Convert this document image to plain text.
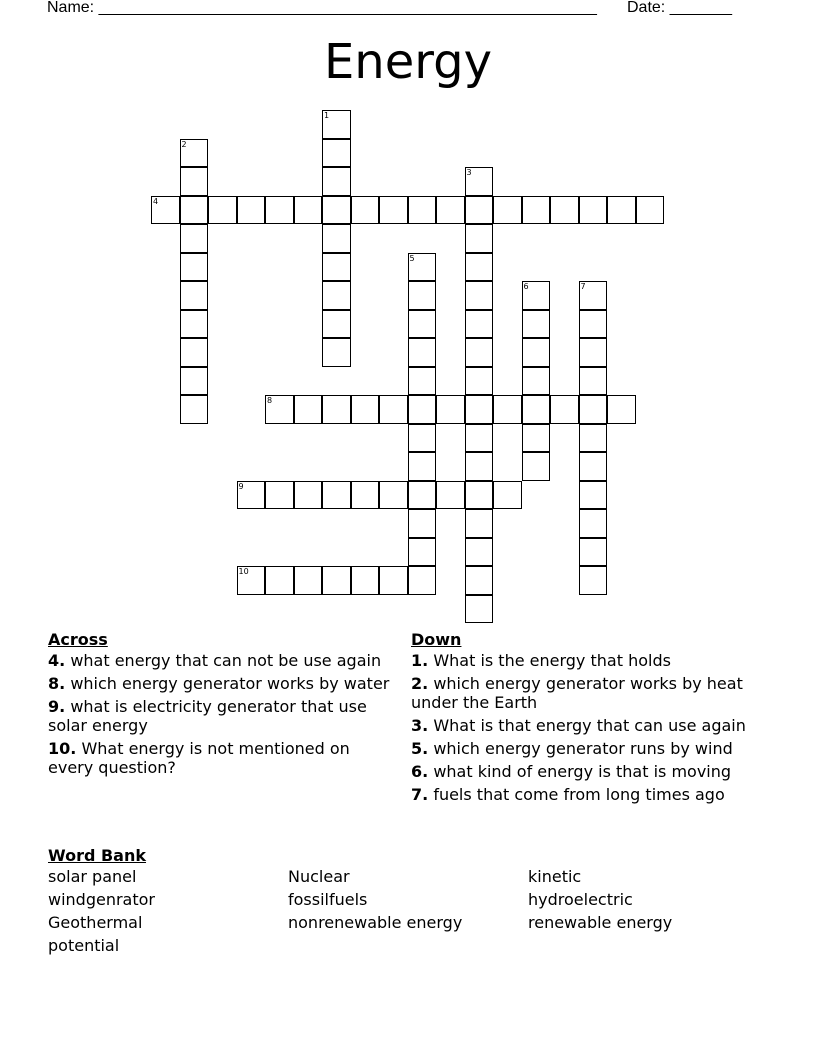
Name: ________________________________________________________ Date: _______
Energy
1
2
3
4
5
6	7
8
9
10
Across
4. what energy that can not be use again
8. which energy generator works by water
9. what is electricity generator that use solar energy
10. What energy is not mentioned on every question?
Down
1. What is the energy that holds
2. which energy generator works by heat under the Earth
3. What is that energy that can use again
5. which energy generator runs by wind
6. what kind of energy is that is moving
7. fuels that come from long times ago
Word Bank
solar panel	Nuclear	kinetic
windgenrator	fossilfuels	hydroelectric
Geothermal	nonrenewable energy	renewable energy
potential
